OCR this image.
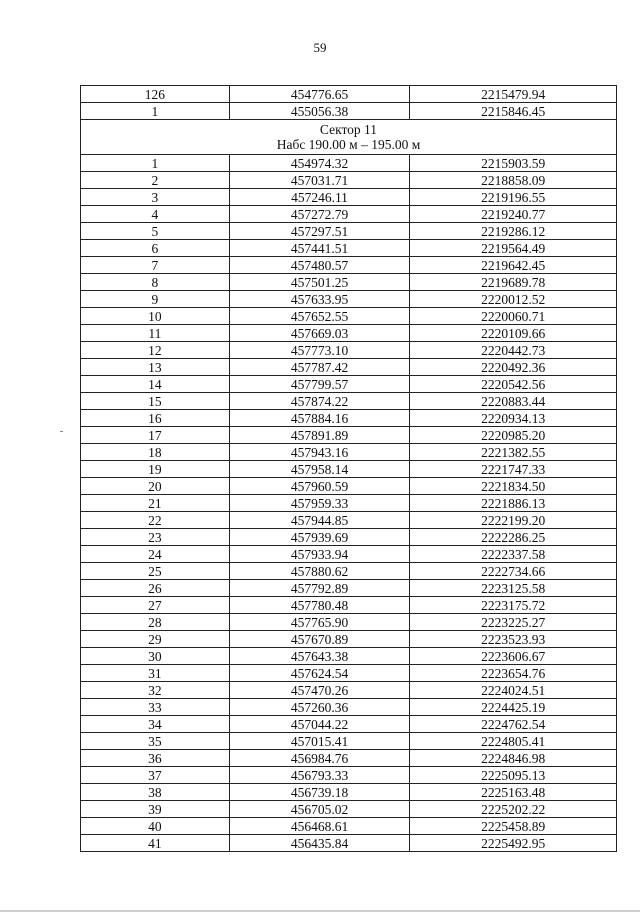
59
126	454776.65	2215479.94
1	455056.38	2215846.45

Сектор 11
Набс 190.00 м – 195.00 м		

1	454974.32	2215903.59
2	457031.71	2218858.09
3	457246.11	2219196.55
4	457272.79	2219240.77
5	457297.51	2219286.12
6	457441.51	2219564.49
7	457480.57	2219642.45
8	457501.25	2219689.78
9	457633.95	2220012.52
10	457652.55	2220060.71
11	457669.03	2220109.66
12	457773.10	2220442.73
13	457787.42	2220492.36
14	457799.57	2220542.56
15	457874.22	2220883.44
16	457884.16	2220934.13
17	457891.89	2220985.20
18	457943.16	2221382.55
19	457958.14	2221747.33
20	457960.59	2221834.50
21	457959.33	2221886.13
22	457944.85	2222199.20
23	457939.69	2222286.25
24	457933.94	2222337.58
25	457880.62	2222734.66
26	457792.89	2223125.58
27	457780.48	2223175.72
28	457765.90	2223225.27
29	457670.89	2223523.93
30	457643.38	2223606.67
31	457624.54	2223654.76
32	457470.26	2224024.51
33	457260.36	2224425.19
34	457044.22	2224762.54
35	457015.41	2224805.41
36	456984.76	2224846.98
37	456793.33	2225095.13
38	456739.18	2225163.48
39	456705.02	2225202.22
40	456468.61	2225458.89
41	456435.84	2225492.95
